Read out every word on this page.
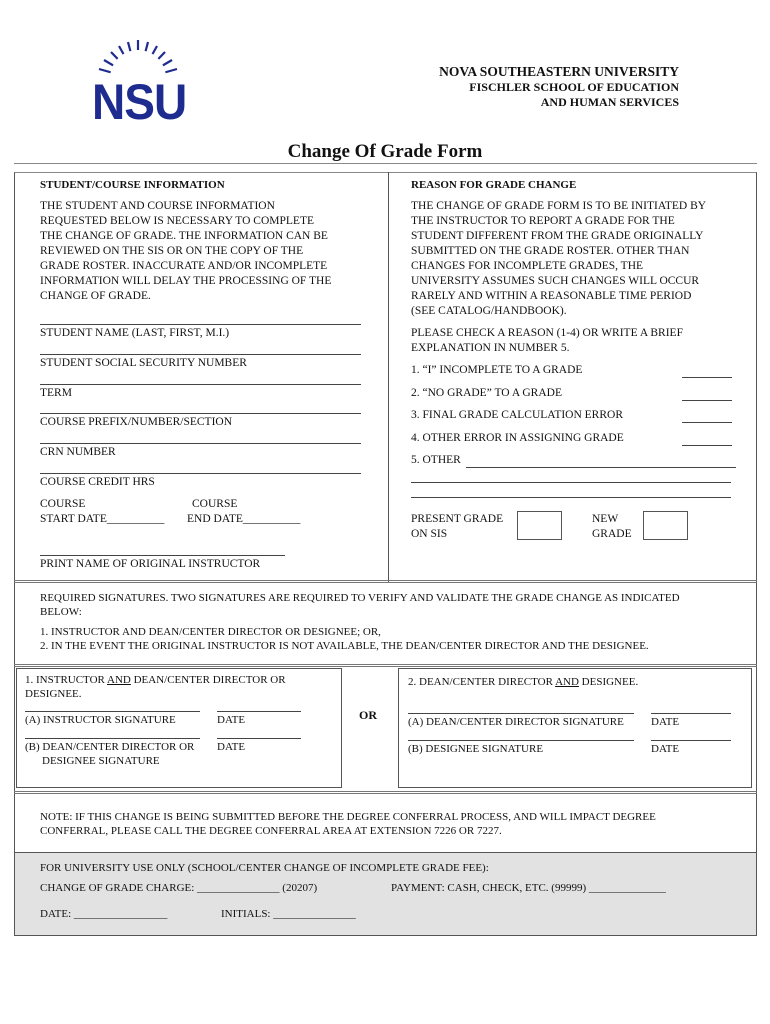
NSU
NOVA SOUTHEASTERN UNIVERSITY
FISCHLER SCHOOL OF EDUCATION
AND HUMAN SERVICES
Change Of Grade Form
STUDENT/COURSE INFORMATION
THE STUDENT AND COURSE INFORMATION
REQUESTED BELOW IS NECESSARY TO COMPLETE
THE CHANGE OF GRADE. THE INFORMATION CAN BE
REVIEWED ON THE SIS OR ON THE COPY OF THE
GRADE ROSTER. INACCURATE AND/OR INCOMPLETE
INFORMATION WILL DELAY THE PROCESSING OF THE
CHANGE OF GRADE.
STUDENT NAME (LAST, FIRST, M.I.)
STUDENT SOCIAL SECURITY NUMBER
TERM
COURSE PREFIX/NUMBER/SECTION
CRN NUMBER
COURSE CREDIT HRS
COURSE
START DATE__________
COURSE
END DATE__________
PRINT NAME OF ORIGINAL INSTRUCTOR
REASON FOR GRADE CHANGE
THE CHANGE OF GRADE FORM IS TO BE INITIATED BY
THE INSTRUCTOR TO REPORT A GRADE FOR THE
STUDENT DIFFERENT FROM THE GRADE ORIGINALLY
SUBMITTED ON THE GRADE ROSTER. OTHER THAN
CHANGES FOR INCOMPLETE GRADES, THE
UNIVERSITY ASSUMES SUCH CHANGES WILL OCCUR
RARELY AND WITHIN A REASONABLE TIME PERIOD
(SEE CATALOG/HANDBOOK).
PLEASE CHECK A REASON (1-4) OR WRITE A BRIEF
EXPLANATION IN NUMBER 5.
1. “I” INCOMPLETE TO A GRADE
2. “NO GRADE” TO A GRADE
3. FINAL GRADE CALCULATION ERROR
4. OTHER ERROR IN ASSIGNING GRADE
5. OTHER
PRESENT GRADE
ON SIS
NEW
GRADE
REQUIRED SIGNATURES. TWO SIGNATURES ARE REQUIRED TO VERIFY AND VALIDATE THE GRADE CHANGE AS INDICATED
BELOW:
1. INSTRUCTOR AND DEAN/CENTER DIRECTOR OR DESIGNEE; OR,
2. IN THE EVENT THE ORIGINAL INSTRUCTOR IS NOT AVAILABLE, THE DEAN/CENTER DIRECTOR AND THE DESIGNEE.
1. INSTRUCTOR AND DEAN/CENTER DIRECTOR OR
DESIGNEE.
(A) INSTRUCTOR SIGNATURE	DATE
(B) DEAN/CENTER DIRECTOR OR
DESIGNEE SIGNATURE
DATE
OR
2. DEAN/CENTER DIRECTOR AND DESIGNEE.
(A) DEAN/CENTER DIRECTOR SIGNATURE DATE
(B) DESIGNEE SIGNATURE	DATE
NOTE: IF THIS CHANGE IS BEING SUBMITTED BEFORE THE DEGREE CONFERRAL PROCESS, AND WILL IMPACT DEGREE
CONFERRAL, PLEASE CALL THE DEGREE CONFERRAL AREA AT EXTENSION 7226 OR 7227.
FOR UNIVERSITY USE ONLY (SCHOOL/CENTER CHANGE OF INCOMPLETE GRADE FEE):
CHANGE OF GRADE CHARGE: _______________ (20207)	PAYMENT: CASH, CHECK, ETC. (99999) ______________
DATE: _________________	INITIALS: _______________
